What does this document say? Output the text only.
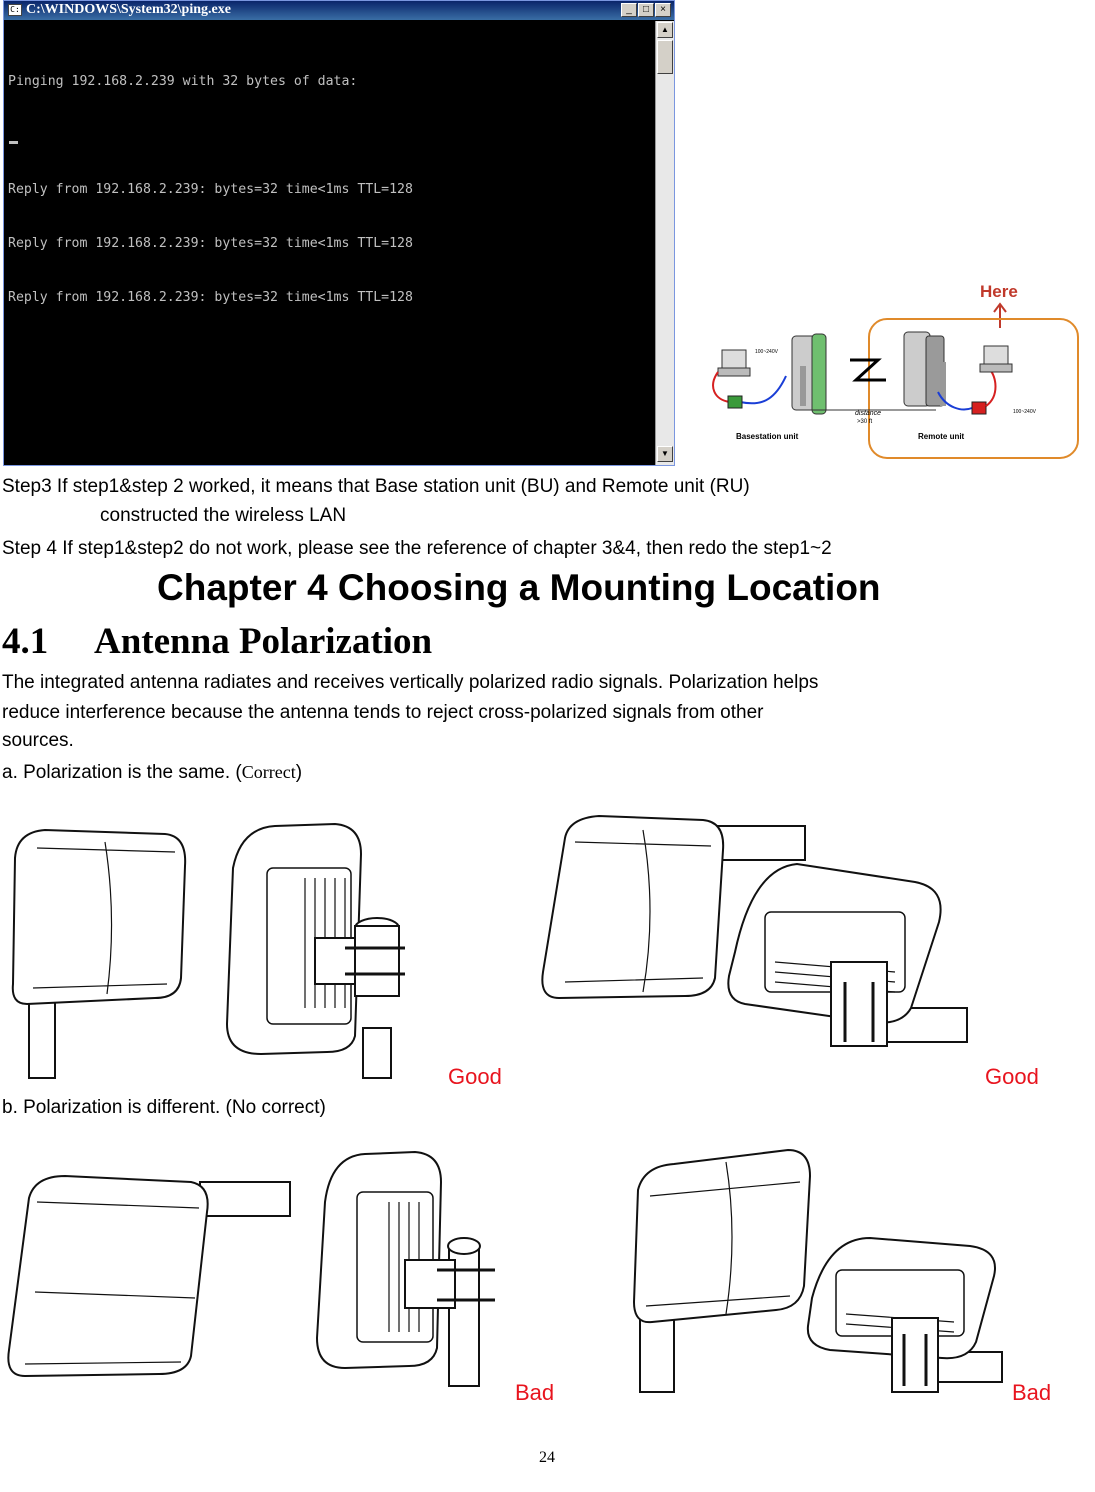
C: C:\WINDOWS\System32\ping.exe	_	□	×

Pinging 192.168.2.239 with 32 bytes of data:

Reply from 192.168.2.239: bytes=32 time<1ms TTL=128

Reply from 192.168.2.239: bytes=32 time<1ms TTL=128

Reply from 192.168.2.239: bytes=32 time<1ms TTL=128

▲
▼
Here
100~240V
100~240V
distance
>30 ft
Basestation unit	Remote unit
Step3 If step1&step 2 worked, it means that Base station unit (BU) and Remote unit (RU)
constructed the wireless LAN
Step 4 If step1&step2 do not work, please see the reference of chapter 3&4, then redo the step1~2
Chapter 4 Choosing a Mounting Location
4.1 Antenna Polarization
The integrated antenna radiates and receives vertically polarized radio signals. Polarization helps
reduce interference because the antenna tends to reject cross-polarized signals from other
sources.
a. Polarization is the same. (Correct)
Good	Good
b. Polarization is different. (No correct)
Bad	Bad
24
